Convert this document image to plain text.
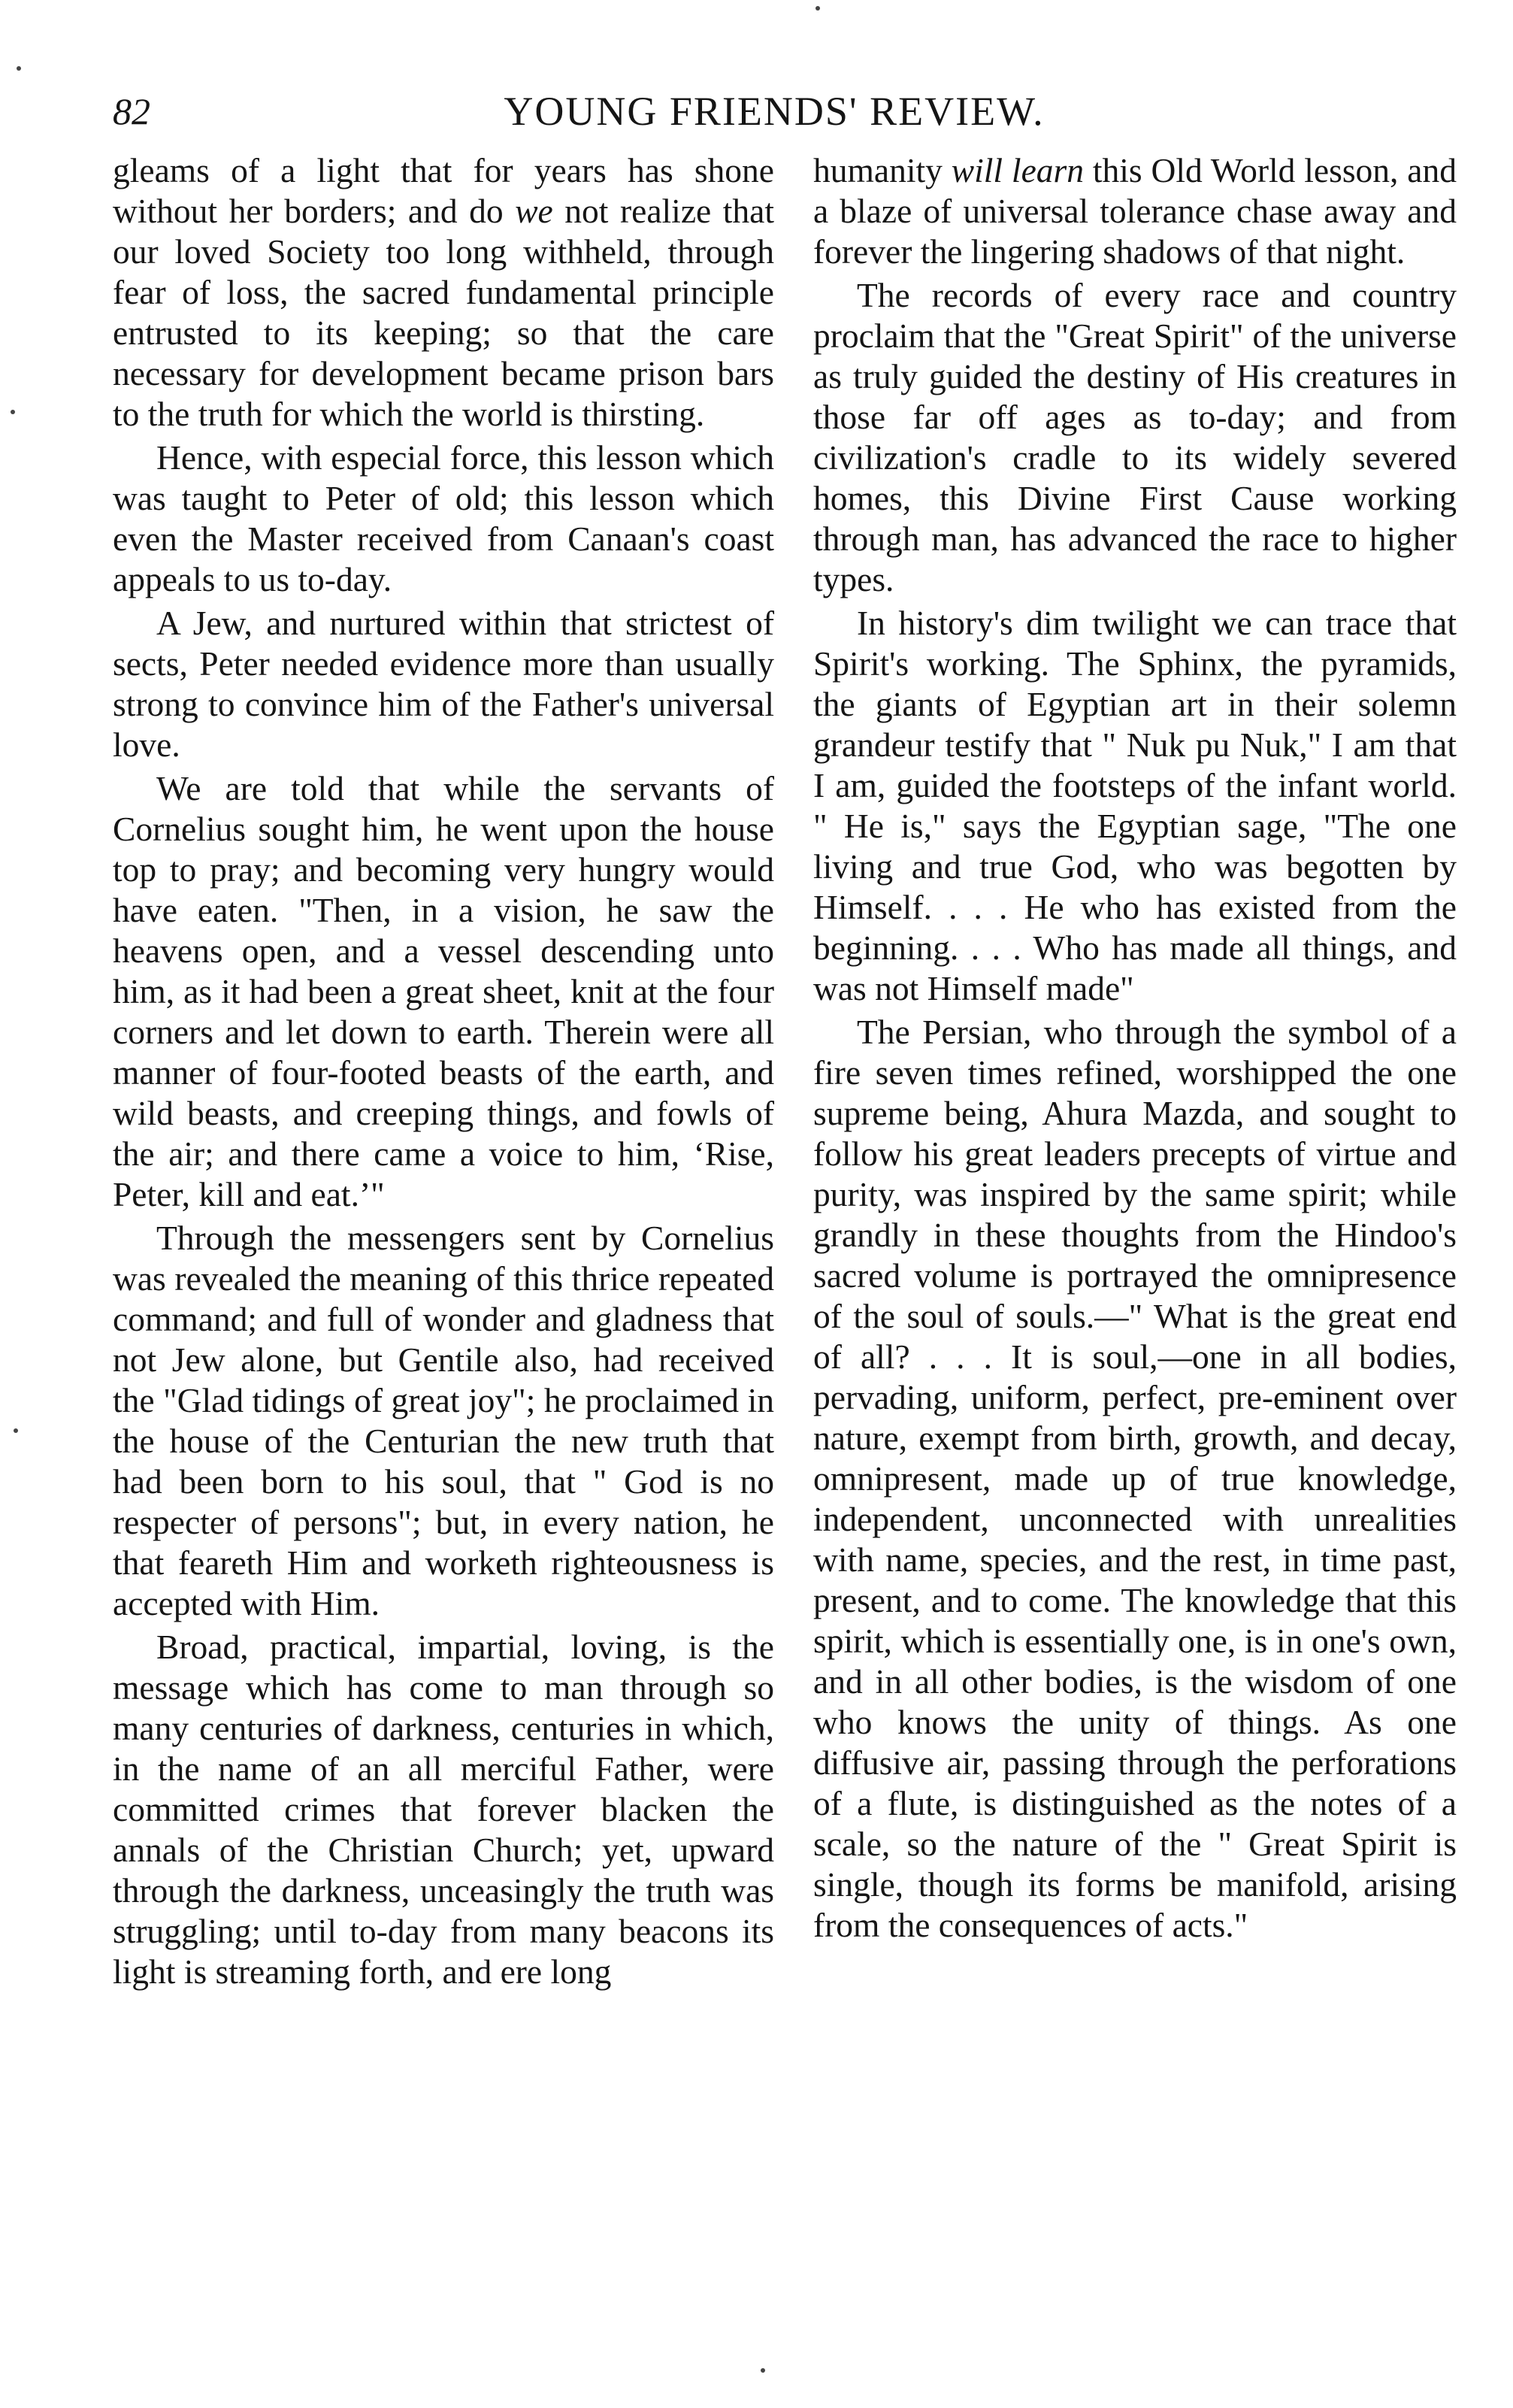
82	YOUNG FRIENDS' REVIEW.

gleams of a light that for years has shone without her borders; and do we not realize that our loved Society too long withheld, through fear of loss, the sacred fundamental principle entrusted to its keeping; so that the care necessary for development became prison bars to the truth for which the world is thirsting.

Hence, with especial force, this lesson which was taught to Peter of old; this lesson which even the Master received from Canaan's coast appeals to us to-day.

A Jew, and nurtured within that strictest of sects, Peter needed evidence more than usually strong to convince him of the Father's universal love.

We are told that while the servants of Cornelius sought him, he went upon the house top to pray; and becoming very hungry would have eaten. "Then, in a vision, he saw the heavens open, and a vessel descending unto him, as it had been a great sheet, knit at the four corners and let down to earth. Therein were all manner of four-footed beasts of the earth, and wild beasts, and creeping things, and fowls of the air; and there came a voice to him, ‘Rise, Peter, kill and eat.’"

Through the messengers sent by Cornelius was revealed the meaning of this thrice repeated command; and full of wonder and gladness that not Jew alone, but Gentile also, had received the "Glad tidings of great joy"; he proclaimed in the house of the Centurian the new truth that had been born to his soul, that " God is no respecter of persons"; but, in every nation, he that feareth Him and worketh righteousness is accepted with Him.

Broad, practical, impartial, loving, is the message which has come to man through so many centuries of darkness, centuries in which, in the name of an all merciful Father, were committed crimes that forever blacken the annals of the Christian Church; yet, upward through the darkness, unceasingly the truth was struggling; until to-day from many beacons its light is streaming forth, and ere long

humanity will learn this Old World lesson, and a blaze of universal tolerance chase away and forever the lingering shadows of that night.

The records of every race and country proclaim that the "Great Spirit" of the universe as truly guided the destiny of His creatures in those far off ages as to-day; and from civilization's cradle to its widely severed homes, this Divine First Cause working through man, has advanced the race to higher types.

In history's dim twilight we can trace that Spirit's working. The Sphinx, the pyramids, the giants of Egyptian art in their solemn grandeur testify that " Nuk pu Nuk," I am that I am, guided the footsteps of the infant world. " He is," says the Egyptian sage, "The one living and true God, who was begotten by Himself. . . . He who has existed from the beginning. . . . Who has made all things, and was not Himself made"

The Persian, who through the symbol of a fire seven times refined, worshipped the one supreme being, Ahura Mazda, and sought to follow his great leaders precepts of virtue and purity, was inspired by the same spirit; while grandly in these thoughts from the Hindoo's sacred volume is portrayed the omnipresence of the soul of souls.—" What is the great end of all? . . . It is soul,—one in all bodies, pervading, uniform, perfect, pre-eminent over nature, exempt from birth, growth, and decay, omnipresent, made up of true knowledge, independent, unconnected with unrealities with name, species, and the rest, in time past, present, and to come. The knowledge that this spirit, which is essentially one, is in one's own, and in all other bodies, is the wisdom of one who knows the unity of things. As one diffusive air, passing through the perforations of a flute, is distinguished as the notes of a scale, so the nature of the " Great Spirit is single, though its forms be manifold, arising from the consequences of acts."
